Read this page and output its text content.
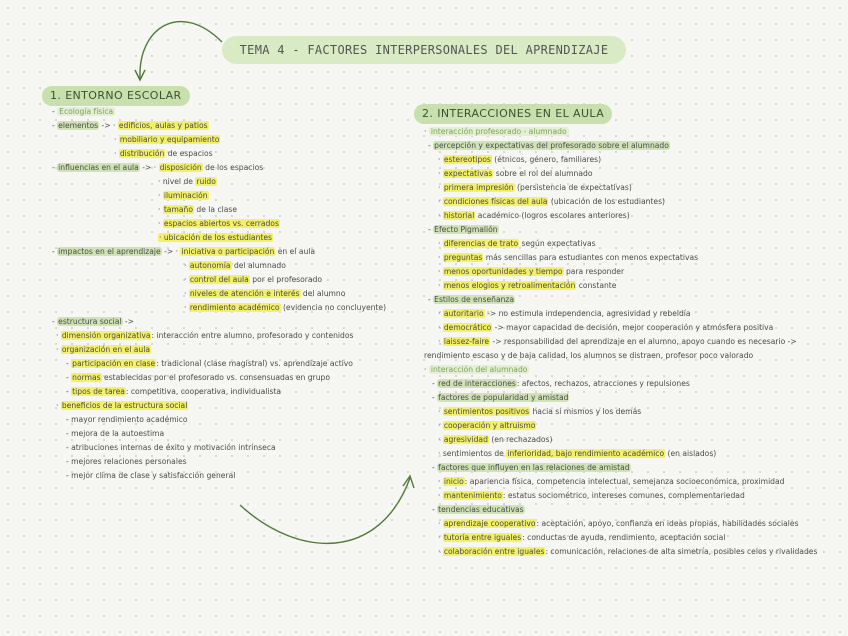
TEMA 4 - FACTORES INTERPERSONALES DEL APRENDIZAJE
1. ENTORNO ESCOLAR
2. INTERACCIONES EN EL AULA
- Ecología física
- elementos -> · edificios, aulas y patios
· mobiliario y equipamiento
· distribución de espacios
- influencias en el aula -> · disposición de los espacios
· nivel de ruido
· iluminación
· tamaño de la clase
· espacios abiertos vs. cerrados
· ubicación de los estudiantes
- impactos en el aprendizaje -> · iniciativa o participación en el aula
· autonomía del alumnado
· control del aula por el profesorado
· niveles de atención e interés del alumno
· rendimiento académico (evidencia no concluyente)
- estructura social ->
· dimensión organizativa: interacción entre alumno, profesorado y contenidos
· organización en el aula
- participación en clase: tradicional (clase magistral) vs. aprendizaje activo
- normas establecidas por el profesorado vs. consensuadas en grupo
- tipos de tarea: competitiva, cooperativa, individualista
· beneficios de la estructura social
- mayor rendimiento académico
- mejora de la autoestima
- atribuciones internas de éxito y motivación intrínseca
- mejores relaciones personales
- mejor clima de clase y satisfacción general
· interacción profesorado - alumnado
- percepción y expectativas del profesorado sobre el alumnado
· estereotipos (étnicos, género, familiares)
· expectativas sobre el rol del alumnado
· primera impresión (persistencia de expectativas)
· condiciones físicas del aula (ubicación de los estudiantes)
· historial académico (logros escolares anteriores)
- Efecto Pigmalión
· diferencias de trato según expectativas
· preguntas más sencillas para estudiantes con menos expectativas
· menos oportunidades y tiempo para responder
· menos elogios y retroalimentación constante
- Estilos de enseñanza
· autoritario -> no estimula independencia, agresividad y rebeldía
· democrático -> mayor capacidad de decisión, mejor cooperación y atmósfera positiva
· laissez-faire -> responsabilidad del aprendizaje en el alumno, apoyo cuando es necesario ->
rendimiento escaso y de baja calidad, los alumnos se distraen, profesor poco valorado
· interacción del alumnado
- red de interacciones: afectos, rechazos, atracciones y repulsiones
- factores de popularidad y amistad
· sentimientos positivos hacia sí mismos y los demás
· cooperación y altruismo
· agresividad (en rechazados)
· sentimientos de inferioridad, bajo rendimiento académico (en aislados)
- factores que influyen en las relaciones de amistad
· inicio: apariencia física, competencia intelectual, semejanza socioeconómica, proximidad
· mantenimiento: estatus sociométrico, intereses comunes, complementariedad
- tendencias educativas
· aprendizaje cooperativo: aceptación, apoyo, confianza en ideas propias, habilidades sociales
· tutoría entre iguales: conductas de ayuda, rendimiento, aceptación social
· colaboración entre iguales: comunicación, relaciones de alta simetría, posibles celos y rivalidades
